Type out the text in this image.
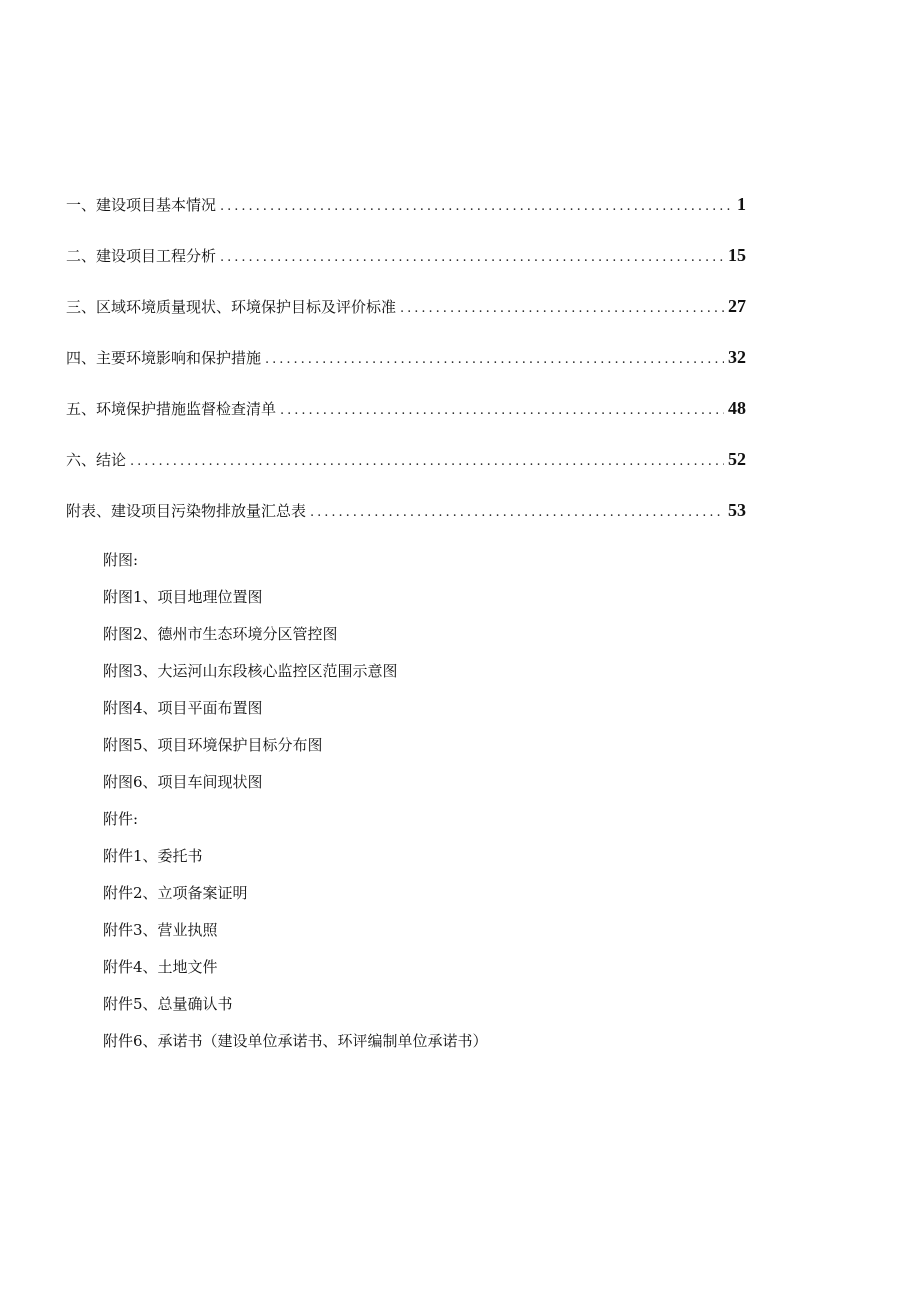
一、建设项目基本情况 .....	1
二、建设项目工程分析 .....	15
三、区域环境质量现状、环境保护目标及评价标准 .....	27
四、主要环境影响和保护措施 .....	32
五、环境保护措施监督检查清单 .....	48
六、结论 .....	52
附表、建设项目污染物排放量汇总表 .....	53
附图:
附图1、项目地理位置图
附图2、德州市生态环境分区管控图
附图3、大运河山东段核心监控区范围示意图
附图4、项目平面布置图
附图5、项目环境保护目标分布图
附图6、项目车间现状图
附件:
附件1、委托书
附件2、立项备案证明
附件3、营业执照
附件4、土地文件
附件5、总量确认书
附件6、承诺书（建设单位承诺书、环评编制单位承诺书）
